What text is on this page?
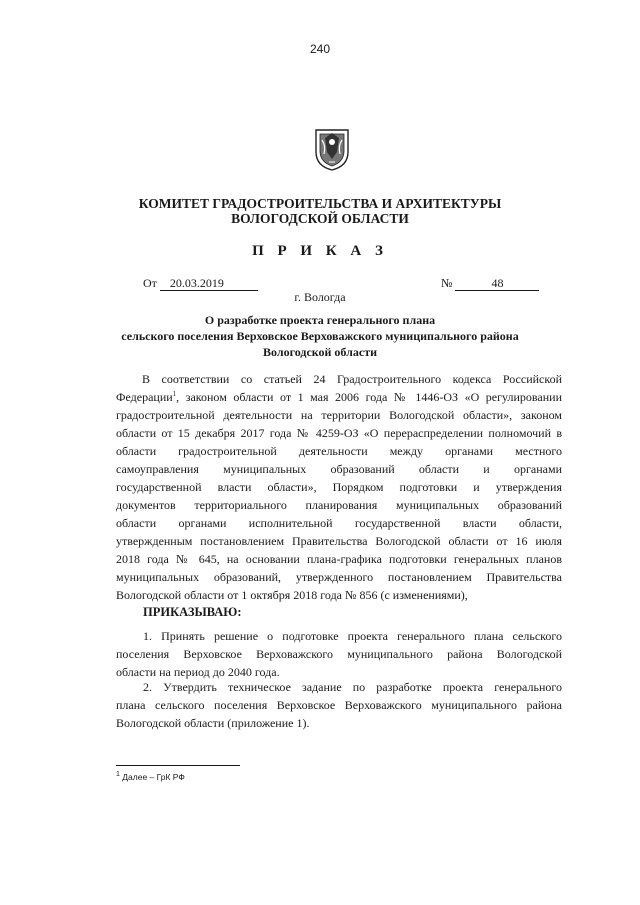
240
КОМИТЕТ ГРАДОСТРОИТЕЛЬСТВА И АРХИТЕКТУРЫ
ВОЛОГОДСКОЙ ОБЛАСТИ
П Р И К А З
От 20.03.2019	№	48
г. Вологда
О разработке проекта генерального плана
сельского поселения Верховское Верховажского муниципального района
Вологодской области
В соответствии со статьей 24 Градостроительного кодекса Российской
Федерации$^1$, законом области от 1 мая 2006 года № 1446-ОЗ «О регулировании
градостроительной деятельности на территории Вологодской области», законом
области от 15 декабря 2017 года № 4259-ОЗ «О перераспределении полномочий в
области градостроительной деятельности между органами местного
самоуправления муниципальных образований области и органами
государственной власти области», Порядком подготовки и утверждения
документов территориального планирования муниципальных образований
области органами исполнительной государственной власти области,
утвержденным постановлением Правительства Вологодской области от 16 июля
2018 года № 645, на основании плана-графика подготовки генеральных планов
муниципальных образований, утвержденного постановлением Правительства
Вологодской области от 1 октября 2018 года № 856 (с изменениями),
ПРИКАЗЫВАЮ:
1. Принять решение о подготовке проекта генерального плана сельского
поселения Верховское Верховажского муниципального района Вологодской
области на период до 2040 года.
2. Утвердить техническое задание по разработке проекта генерального
плана сельского поселения Верховское Верховажского муниципального района
Вологодской области (приложение 1).
$^1$ Далее – ГрК РФ
